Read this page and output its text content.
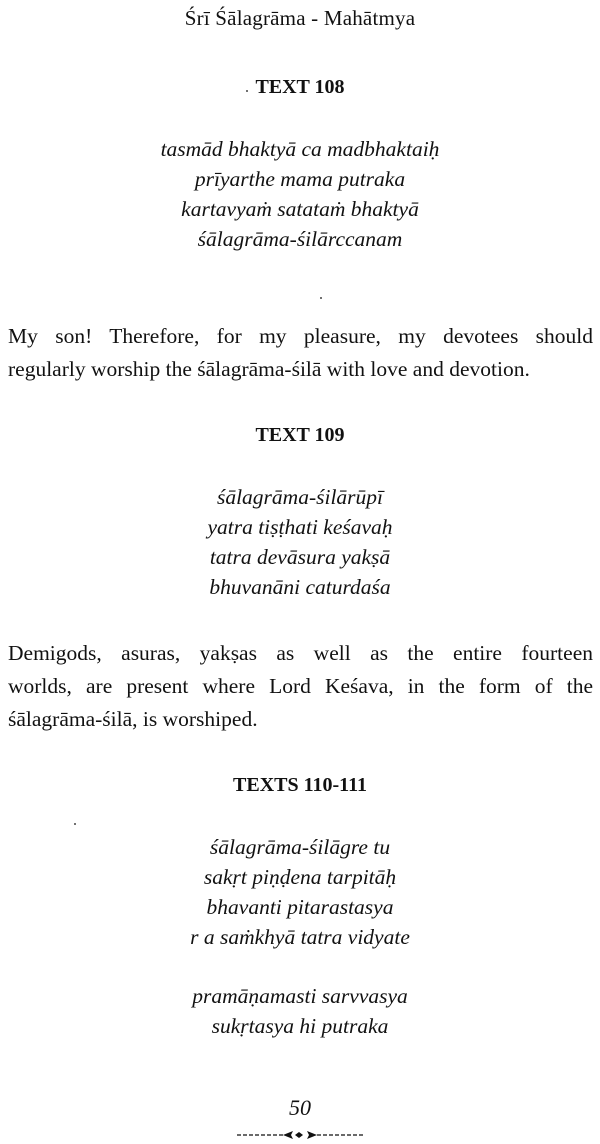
Śrī Śālagrāma - Mahātmya
TEXT 108
tasmād bhaktyā ca madbhaktaiḥ
prīyarthe mama putraka
kartavyaṁ satataṁ bhaktyā
śālagrāma-śilārccanam
My son! Therefore, for my pleasure, my devotees should
regularly worship the śālagrāma-śilā with love and devotion.
TEXT 109
śālagrāma-śilārūpī
yatra tiṣṭhati keśavaḥ
tatra devāsura yakṣā
bhuvanāni caturdaśa
Demigods, asuras, yakṣas as well as the entire fourteen
worlds, are present where Lord Keśava, in the form of the
śālagrāma-śilā, is worshiped.
TEXTS 110-111
śālagrāma-śilāgre tu
sakṛt piṇḍena tarpitāḥ
bhavanti pitarastasya
r a saṁkhyā tatra vidyate
pramāṇamasti sarvvasya
sukṛtasya hi putraka
50
